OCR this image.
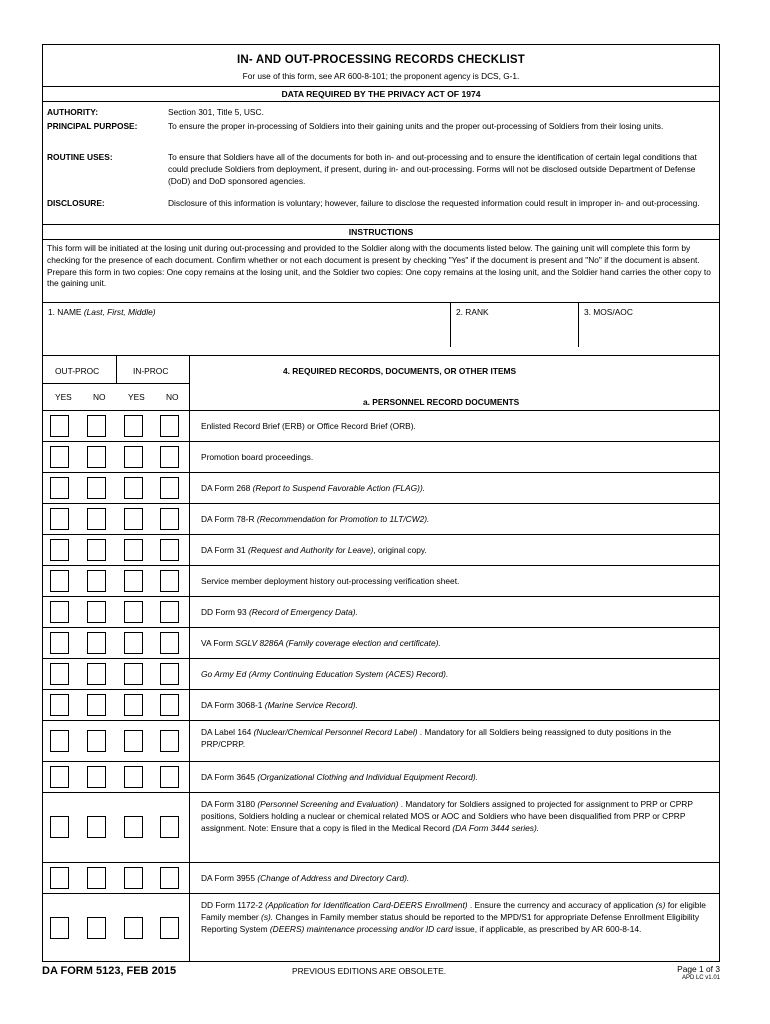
IN- AND OUT-PROCESSING RECORDS CHECKLIST
For use of this form, see AR 600-8-101; the proponent agency is DCS, G-1.
DATA REQUIRED BY THE PRIVACY ACT OF 1974
AUTHORITY:	Section 301, Title 5, USC.
PRINCIPAL PURPOSE:	To ensure the proper in-processing of Soldiers into their gaining units and the proper out-processing of Soldiers from their losing units.
ROUTINE USES:	To ensure that Soldiers have all of the documents for both in- and out-processing and to ensure the identification of certain legal conditions that could preclude Soldiers from deployment, if present, during in- and out-processing. Forms will not be disclosed outside Department of Defense (DoD) and DoD sponsored agencies.
DISCLOSURE:	Disclosure of this information is voluntary; however, failure to disclose the requested information could result in improper in- and out-processing.
INSTRUCTIONS
This form will be initiated at the losing unit during out-processing and provided to the Soldier along with the documents listed below. The gaining unit will complete this form by checking for the presence of each document. Confirm whether or not each document is present by checking "Yes" if the document is present and "No" if the document is absent. Prepare this form in two copies: One copy remains at the losing unit, and the Soldier two copies: One copy remains at the losing unit, and the Soldier hand carries the other copy to the gaining unit.
1. NAME (Last, First, Middle)	2. RANK	3. MOS/AOC
OUT-PROC	IN-PROC	4. REQUIRED RECORDS, DOCUMENTS, OR OTHER ITEMS
YES	NO	YES	NO	a. PERSONNEL RECORD DOCUMENTS
Enlisted Record Brief (ERB) or Office Record Brief (ORB).
Promotion board proceedings.
DA Form 268 (Report to Suspend Favorable Action (FLAG)).
DA Form 78-R (Recommendation for Promotion to 1LT/CW2).
DA Form 31 (Request and Authority for Leave), original copy.
Service member deployment history out-processing verification sheet.
DD Form 93 (Record of Emergency Data).
VA Form SGLV 8286A (Family coverage election and certificate).
Go Army Ed (Army Continuing Education System (ACES) Record).
DA Form 3068-1 (Marine Service Record).
DA Label 164 (Nuclear/Chemical Personnel Record Label) . Mandatory for all Soldiers being reassigned to duty positions in the PRP/CPRP.
DA Form 3645 (Organizational Clothing and Individual Equipment Record).
DA Form 3180 (Personnel Screening and Evaluation) . Mandatory for Soldiers assigned to projected for assignment to PRP or CPRP positions, Soldiers holding a nuclear or chemical related MOS or AOC and Soldiers who have been disqualified from PRP or CPRP assignment. Note: Ensure that a copy is filed in the Medical Record (DA Form 3444 series).
DA Form 3955 (Change of Address and Directory Card).
DD Form 1172-2 (Application for Identification Card-DEERS Enrollment) . Ensure the currency and accuracy of application (s) for eligible Family member (s). Changes in Family member status should be reported to the MPD/S1 for appropriate Defense Enrollment Eligibility Reporting System (DEERS) maintenance processing and/or ID card issue, if applicable, as prescribed by AR 600-8-14.
DA FORM 5123, FEB 2015	PREVIOUS EDITIONS ARE OBSOLETE.	Page 1 of 3
APD LC v1.01
